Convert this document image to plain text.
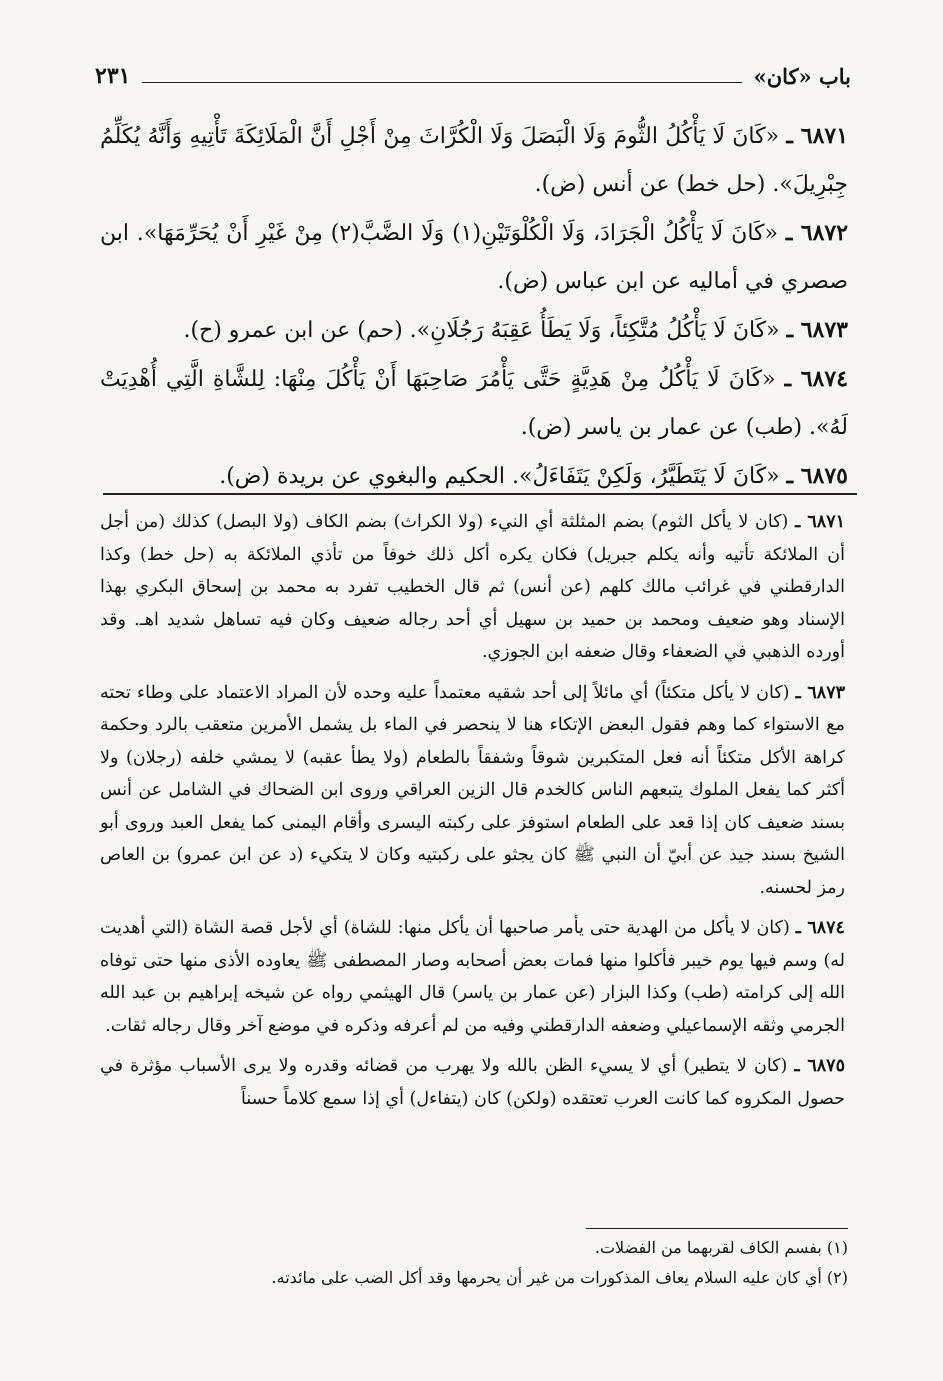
باب «كان»
٢٣١

٦٨٧١ ـ «كَانَ لَا يَأْكُلُ الثُّومَ وَلَا الْبَصَلَ وَلَا الْكُرَّاثَ مِنْ أَجْلِ أَنَّ الْمَلَائِكَةَ تَأْتِيهِ وَأَنَّهُ يُكَلِّمُ جِبْرِيلَ». (حل خط) عن أنس (ض).

٦٨٧٢ ـ «كَانَ لَا يَأْكُلُ الْجَرَادَ، وَلَا الْكُلْوَتَيْنِ(١) وَلَا الضَّبَّ(٢) مِنْ غَيْرِ أَنْ يُحَرِّمَهَا». ابن صصري في أماليه عن ابن عباس (ض).

٦٨٧٣ ـ «كَانَ لَا يَأْكُلُ مُتَّكِئاً، وَلَا يَطَأُ عَقِبَهُ رَجُلَانِ». (حم) عن ابن عمرو (ح).

٦٨٧٤ ـ «كَانَ لَا يَأْكُلُ مِنْ هَدِيَّةٍ حَتَّى يَأْمُرَ صَاحِبَهَا أَنْ يَأْكُلَ مِنْهَا: لِلشَّاةِ الَّتِي أُهْدِيَتْ لَهُ». (طب) عن عمار بن ياسر (ض).

٦٨٧٥ ـ «كَانَ لَا يَتَطَيَّرُ، وَلَكِنْ يَتَفَاءَلُ». الحكيم والبغوي عن بريدة (ض).

٦٨٧١ ـ (كان لا يأكل الثوم) بضم المثلثة أي النيء (ولا الكراث) بضم الكاف (ولا البصل) كذلك (من أجل أن الملائكة تأتيه وأنه يكلم جبريل) فكان يكره أكل ذلك خوفاً من تأذي الملائكة به (حل خط) وكذا الدارقطني في غرائب مالك كلهم (عن أنس) ثم قال الخطيب تفرد به محمد بن إسحاق البكري بهذا الإسناد وهو ضعيف ومحمد بن حميد بن سهيل أي أحد رجاله ضعيف وكان فيه تساهل شديد اهـ. وقد أورده الذهبي في الضعفاء وقال ضعفه ابن الجوزي.

٦٨٧٣ ـ (كان لا يأكل متكئاً) أي مائلاً إلى أحد شقيه معتمداً عليه وحده لأن المراد الاعتماد على وطاء تحته مع الاستواء كما وهم فقول البعض الإتكاء هنا لا ينحصر في الماء بل يشمل الأمرين متعقب بالرد وحكمة كراهة الأكل متكئاً أنه فعل المتكبرين شوقاً وشفقاً بالطعام (ولا يطأ عقبه) لا يمشي خلفه (رجلان) ولا أكثر كما يفعل الملوك يتبعهم الناس كالخدم قال الزين العراقي وروى ابن الضحاك في الشامل عن أنس بسند ضعيف كان إذا قعد على الطعام استوفز على ركبته اليسرى وأقام اليمنى كما يفعل العبد وروى أبو الشيخ بسند جيد عن أبيّ أن النبي ﷺ كان يجثو على ركبتيه وكان لا يتكيء (د عن ابن عمرو) بن العاص رمز لحسنه.

٦٨٧٤ ـ (كان لا يأكل من الهدية حتى يأمر صاحبها أن يأكل منها: للشاة) أي لأجل قصة الشاة (التي أهديت له) وسم فيها يوم خيبر فأكلوا منها فمات بعض أصحابه وصار المصطفى ﷺ يعاوده الأذى منها حتى توفاه الله إلى كرامته (طب) وكذا البزار (عن عمار بن ياسر) قال الهيثمي رواه عن شيخه إبراهيم بن عبد الله الجرمي وثقه الإسماعيلي وضعفه الدارقطني وفيه من لم أعرفه وذكره في موضع آخر وقال رجاله ثقات.

٦٨٧٥ ـ (كان لا يتطير) أي لا يسيء الظن بالله ولا يهرب من قضائه وقدره ولا يرى الأسباب مؤثرة في حصول المكروه كما كانت العرب تعتقده (ولكن) كان (يتفاءل) أي إذا سمع كلاماً حسناً

(١) بفسم الكاف لقربهما من الفضلات.

(٢) أي كان عليه السلام يعاف المذكورات من غير أن يحرمها وقد أكل الضب على مائدته.
